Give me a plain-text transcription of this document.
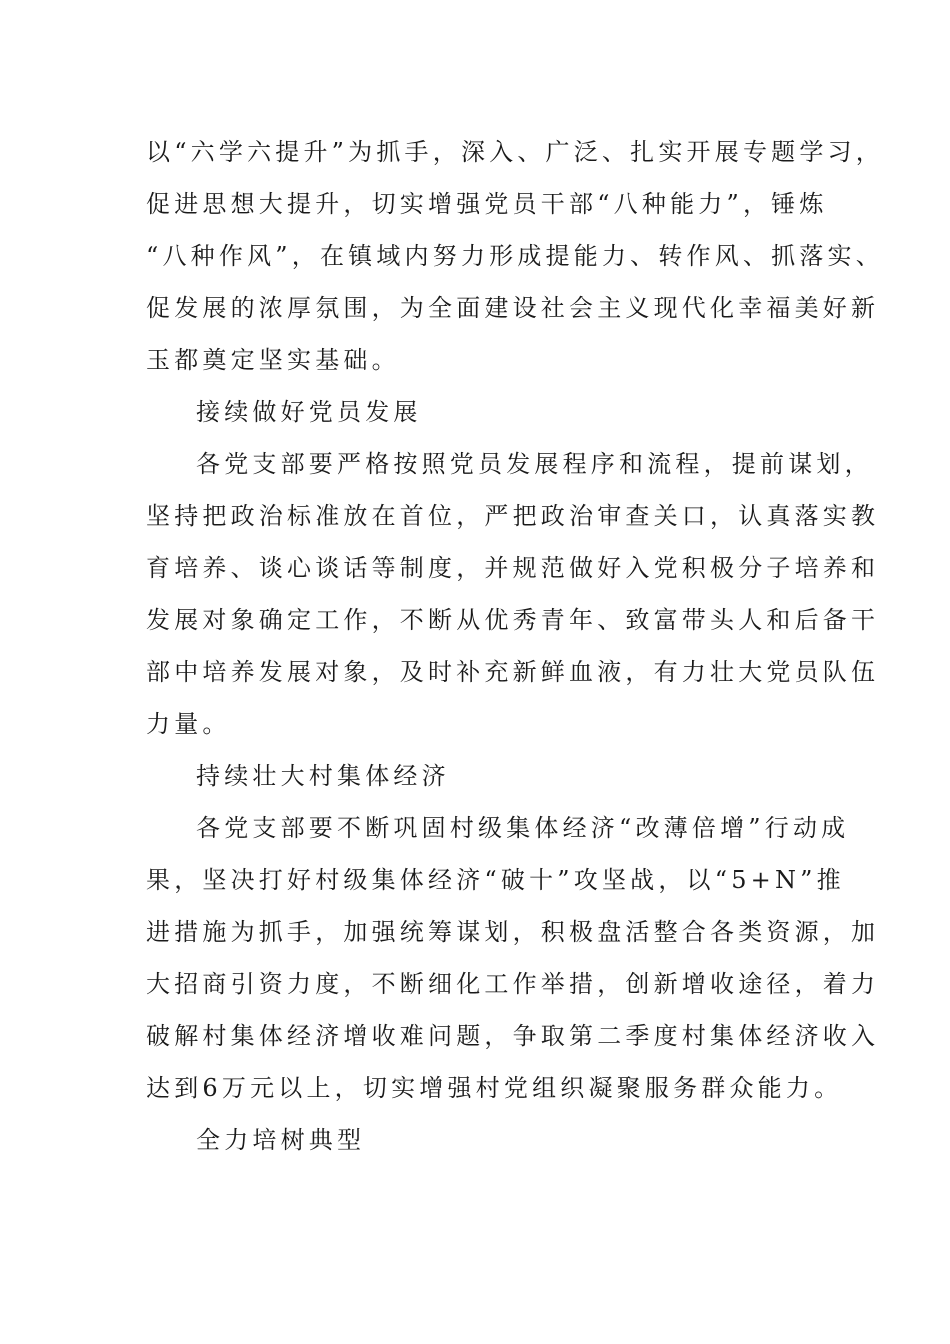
以“六学六提升”为抓手，深入、广泛、扎实开展专题学习，
促进思想大提升，切实增强党员干部“八种能力”，锤炼
“八种作风”，在镇域内努力形成提能力、转作风、抓落实、
促发展的浓厚氛围，为全面建设社会主义现代化幸福美好新
玉都奠定坚实基础。
接续做好党员发展
各党支部要严格按照党员发展程序和流程，提前谋划，
坚持把政治标准放在首位，严把政治审查关口，认真落实教
育培养、谈心谈话等制度，并规范做好入党积极分子培养和
发展对象确定工作，不断从优秀青年、致富带头人和后备干
部中培养发展对象，及时补充新鲜血液，有力壮大党员队伍
力量。
持续壮大村集体经济
各党支部要不断巩固村级集体经济“改薄倍增”行动成
果，坚决打好村级集体经济“破十”攻坚战，以“5+N”推
进措施为抓手，加强统筹谋划，积极盘活整合各类资源，加
大招商引资力度，不断细化工作举措，创新增收途径，着力
破解村集体经济增收难问题，争取第二季度村集体经济收入
达到6万元以上，切实增强村党组织凝聚服务群众能力。
全力培树典型
